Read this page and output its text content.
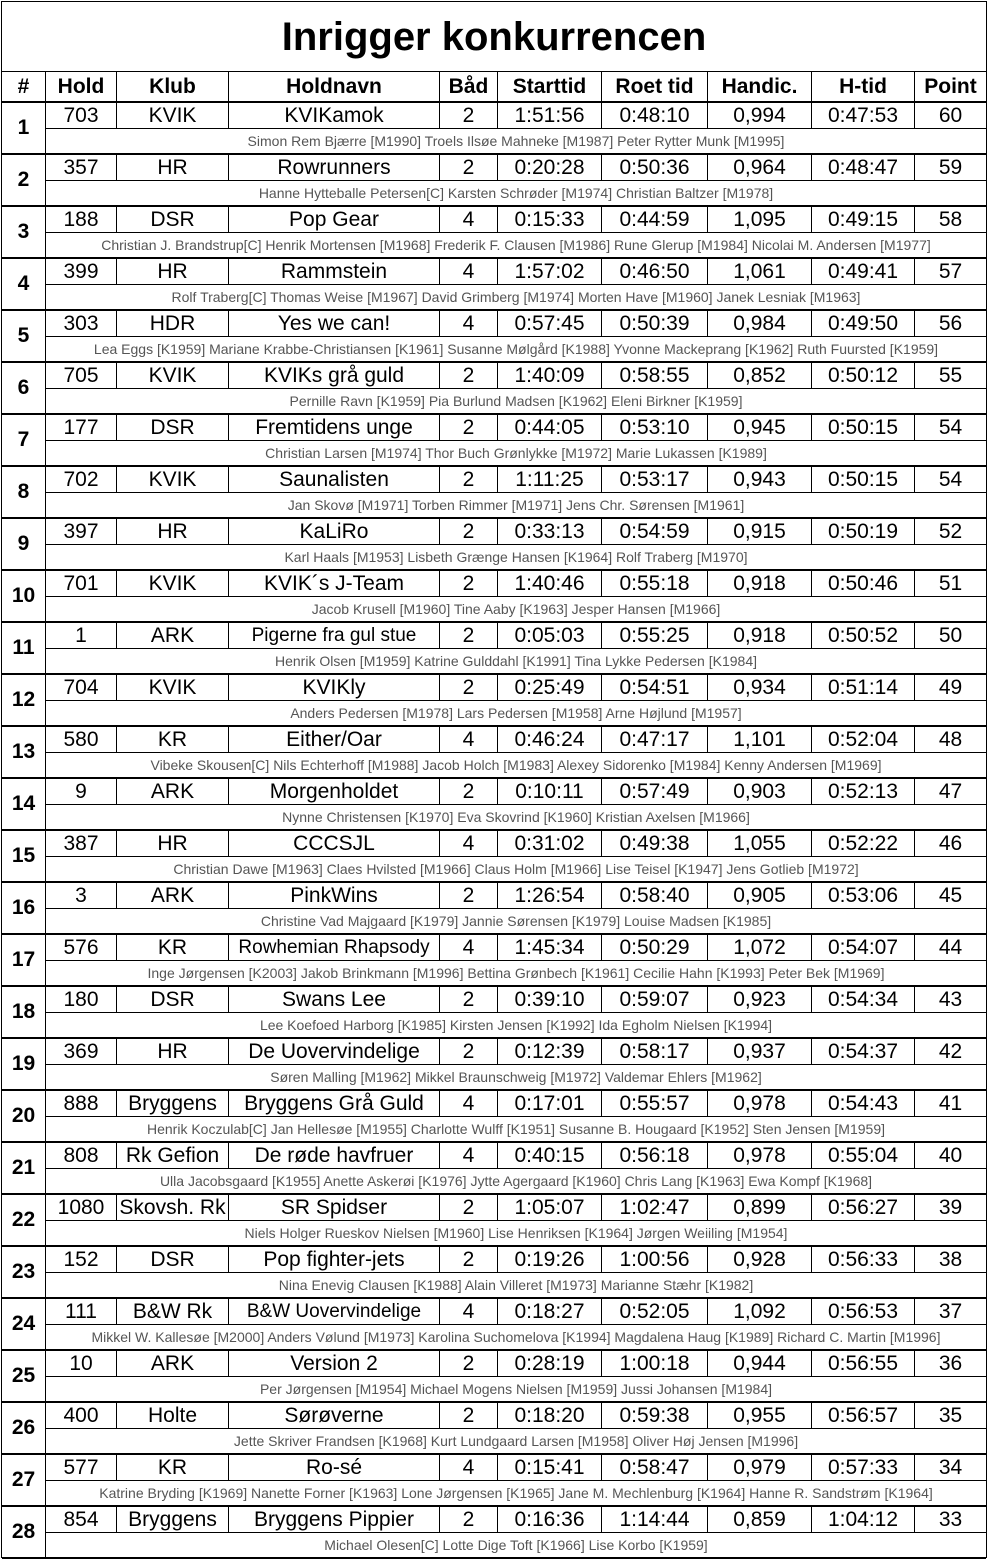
Inrigger konkurrencen
#	Hold	Klub	Holdnavn	Båd	Starttid	Roet tid	Handic.	H-tid	Point
1
703	KVIK	KVIKamok	2	1:51:56	0:48:10	0,994	0:47:53	60
Simon Rem Bjærre [M1990] Troels Ilsøe Mahneke [M1987] Peter Rytter Munk [M1995]
2
357	HR	Rowrunners	2	0:20:28	0:50:36	0,964	0:48:47	59
Hanne Hytteballe Petersen[C] Karsten Schrøder [M1974] Christian Baltzer [M1978]
3
188	DSR	Pop Gear	4	0:15:33	0:44:59	1,095	0:49:15	58
Christian J. Brandstrup[C] Henrik Mortensen [M1968] Frederik F. Clausen [M1986] Rune Glerup [M1984] Nicolai M. Andersen [M1977]
4
399	HR	Rammstein	4	1:57:02	0:46:50	1,061	0:49:41	57
Rolf Traberg[C] Thomas Weise [M1967] David Grimberg [M1974] Morten Have [M1960] Janek Lesniak [M1963]
5
303	HDR	Yes we can!	4	0:57:45	0:50:39	0,984	0:49:50	56
Lea Eggs [K1959] Mariane Krabbe-Christiansen [K1961] Susanne Mølgård [K1988] Yvonne Mackeprang [K1962] Ruth Fuursted [K1959]
6
705	KVIK	KVIKs grå guld	2	1:40:09	0:58:55	0,852	0:50:12	55
Pernille Ravn [K1959] Pia Burlund Madsen [K1962] Eleni Birkner [K1959]
7
177	DSR	Fremtidens unge	2	0:44:05	0:53:10	0,945	0:50:15	54
Christian Larsen [M1974] Thor Buch Grønlykke [M1972] Marie Lukassen [K1989]
8
702	KVIK	Saunalisten	2	1:11:25	0:53:17	0,943	0:50:15	54
Jan Skovø [M1971] Torben Rimmer [M1971] Jens Chr. Sørensen [M1961]
9
397	HR	KaLiRo	2	0:33:13	0:54:59	0,915	0:50:19	52
Karl Haals [M1953] Lisbeth Grænge Hansen [K1964] Rolf Traberg [M1970]
10
701	KVIK	KVIK´s J-Team	2	1:40:46	0:55:18	0,918	0:50:46	51
Jacob Krusell [M1960] Tine Aaby [K1963] Jesper Hansen [M1966]
11
1	ARK	Pigerne fra gul stue	2	0:05:03	0:55:25	0,918	0:50:52	50
Henrik Olsen [M1959] Katrine Gulddahl [K1991] Tina Lykke Pedersen [K1984]
12
704	KVIK	KVIKly	2	0:25:49	0:54:51	0,934	0:51:14	49
Anders Pedersen [M1978] Lars Pedersen [M1958] Arne Højlund [M1957]
13
580	KR	Either/Oar	4	0:46:24	0:47:17	1,101	0:52:04	48
Vibeke Skousen[C] Nils Echterhoff [M1988] Jacob Holch [M1983] Alexey Sidorenko [M1984] Kenny Andersen [M1969]
14
9	ARK	Morgenholdet	2	0:10:11	0:57:49	0,903	0:52:13	47
Nynne Christensen [K1970] Eva Skovrind [K1960] Kristian Axelsen [M1966]
15
387	HR	CCCSJL	4	0:31:02	0:49:38	1,055	0:52:22	46
Christian Dawe [M1963] Claes Hvilsted [M1966] Claus Holm [M1966] Lise Teisel [K1947] Jens Gotlieb [M1972]
16
3	ARK	PinkWins	2	1:26:54	0:58:40	0,905	0:53:06	45
Christine Vad Majgaard [K1979] Jannie Sørensen [K1979] Louise Madsen [K1985]
17
576	KR	Rowhemian Rhapsody	4	1:45:34	0:50:29	1,072	0:54:07	44
Inge Jørgensen [K2003] Jakob Brinkmann [M1996] Bettina Grønbech [K1961] Cecilie Hahn [K1993] Peter Bek [M1969]
18
180	DSR	Swans Lee	2	0:39:10	0:59:07	0,923	0:54:34	43
Lee Koefoed Harborg [K1985] Kirsten Jensen [K1992] Ida Egholm Nielsen [K1994]
19
369	HR	De Uovervindelige	2	0:12:39	0:58:17	0,937	0:54:37	42
Søren Malling [M1962] Mikkel Braunschweig [M1972] Valdemar Ehlers [M1962]
20
888	Bryggens	Bryggens Grå Guld	4	0:17:01	0:55:57	0,978	0:54:43	41
Henrik Koczulab[C] Jan Hellesøe [M1955] Charlotte Wulff [K1951] Susanne B. Hougaard [K1952] Sten Jensen [M1959]
21
808	Rk Gefion	De røde havfruer	4	0:40:15	0:56:18	0,978	0:55:04	40
Ulla Jacobsgaard [K1955] Anette Askerøi [K1976] Jytte Agergaard [K1960] Chris Lang [K1963] Ewa Kompf [K1968]
22
1080 Skovsh. Rk	SR Spidser	2	1:05:07	1:02:47	0,899	0:56:27	39
Niels Holger Rueskov Nielsen [M1960] Lise Henriksen [K1964] Jørgen Weiiling [M1954]
23
152	DSR	Pop fighter-jets	2	0:19:26	1:00:56	0,928	0:56:33	38
Nina Enevig Clausen [K1988] Alain Villeret [M1973] Marianne Stæhr [K1982]
24
111	B&W Rk	B&W Uovervindelige	4	0:18:27	0:52:05	1,092	0:56:53	37
Mikkel W. Kallesøe [M2000] Anders Vølund [M1973] Karolina Suchomelova [K1994] Magdalena Haug [K1989] Richard C. Martin [M1996]
25
10	ARK	Version 2	2	0:28:19	1:00:18	0,944	0:56:55	36
Per Jørgensen [M1954] Michael Mogens Nielsen [M1959] Jussi Johansen [M1984]
26
400	Holte	Sørøverne	2	0:18:20	0:59:38	0,955	0:56:57	35
Jette Skriver Frandsen [K1968] Kurt Lundgaard Larsen [M1958] Oliver Høj Jensen [M1996]
27
577	KR	Ro-sé	4	0:15:41	0:58:47	0,979	0:57:33	34
Katrine Bryding [K1969] Nanette Forner [K1963] Lone Jørgensen [K1965] Jane M. Mechlenburg [K1964] Hanne R. Sandstrøm [K1964]
28
854	Bryggens	Bryggens Pippier	2	0:16:36	1:14:44	0,859	1:04:12	33
Michael Olesen[C] Lotte Dige Toft [K1966] Lise Korbo [K1959]
